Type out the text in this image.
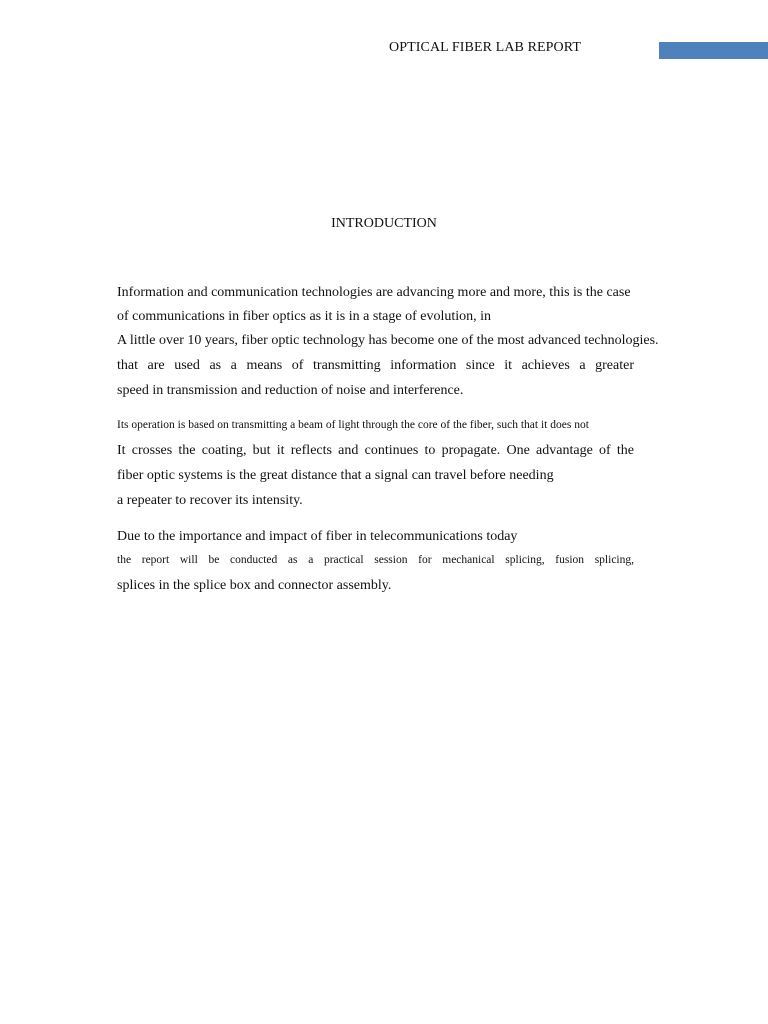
OPTICAL FIBER LAB REPORT
INTRODUCTION
Information and communication technologies are advancing more and more, this is the case
of communications in fiber optics as it is in a stage of evolution, in
A little over 10 years, fiber optic technology has become one of the most advanced technologies.
that are used as a means of transmitting information since it achieves a greater
speed in transmission and reduction of noise and interference.
Its operation is based on transmitting a beam of light through the core of the fiber, such that it does not
It crosses the coating, but it reflects and continues to propagate. One advantage of the
fiber optic systems is the great distance that a signal can travel before needing
a repeater to recover its intensity.
Due to the importance and impact of fiber in telecommunications today
the report will be conducted as a practical session for mechanical splicing, fusion splicing,
splices in the splice box and connector assembly.
